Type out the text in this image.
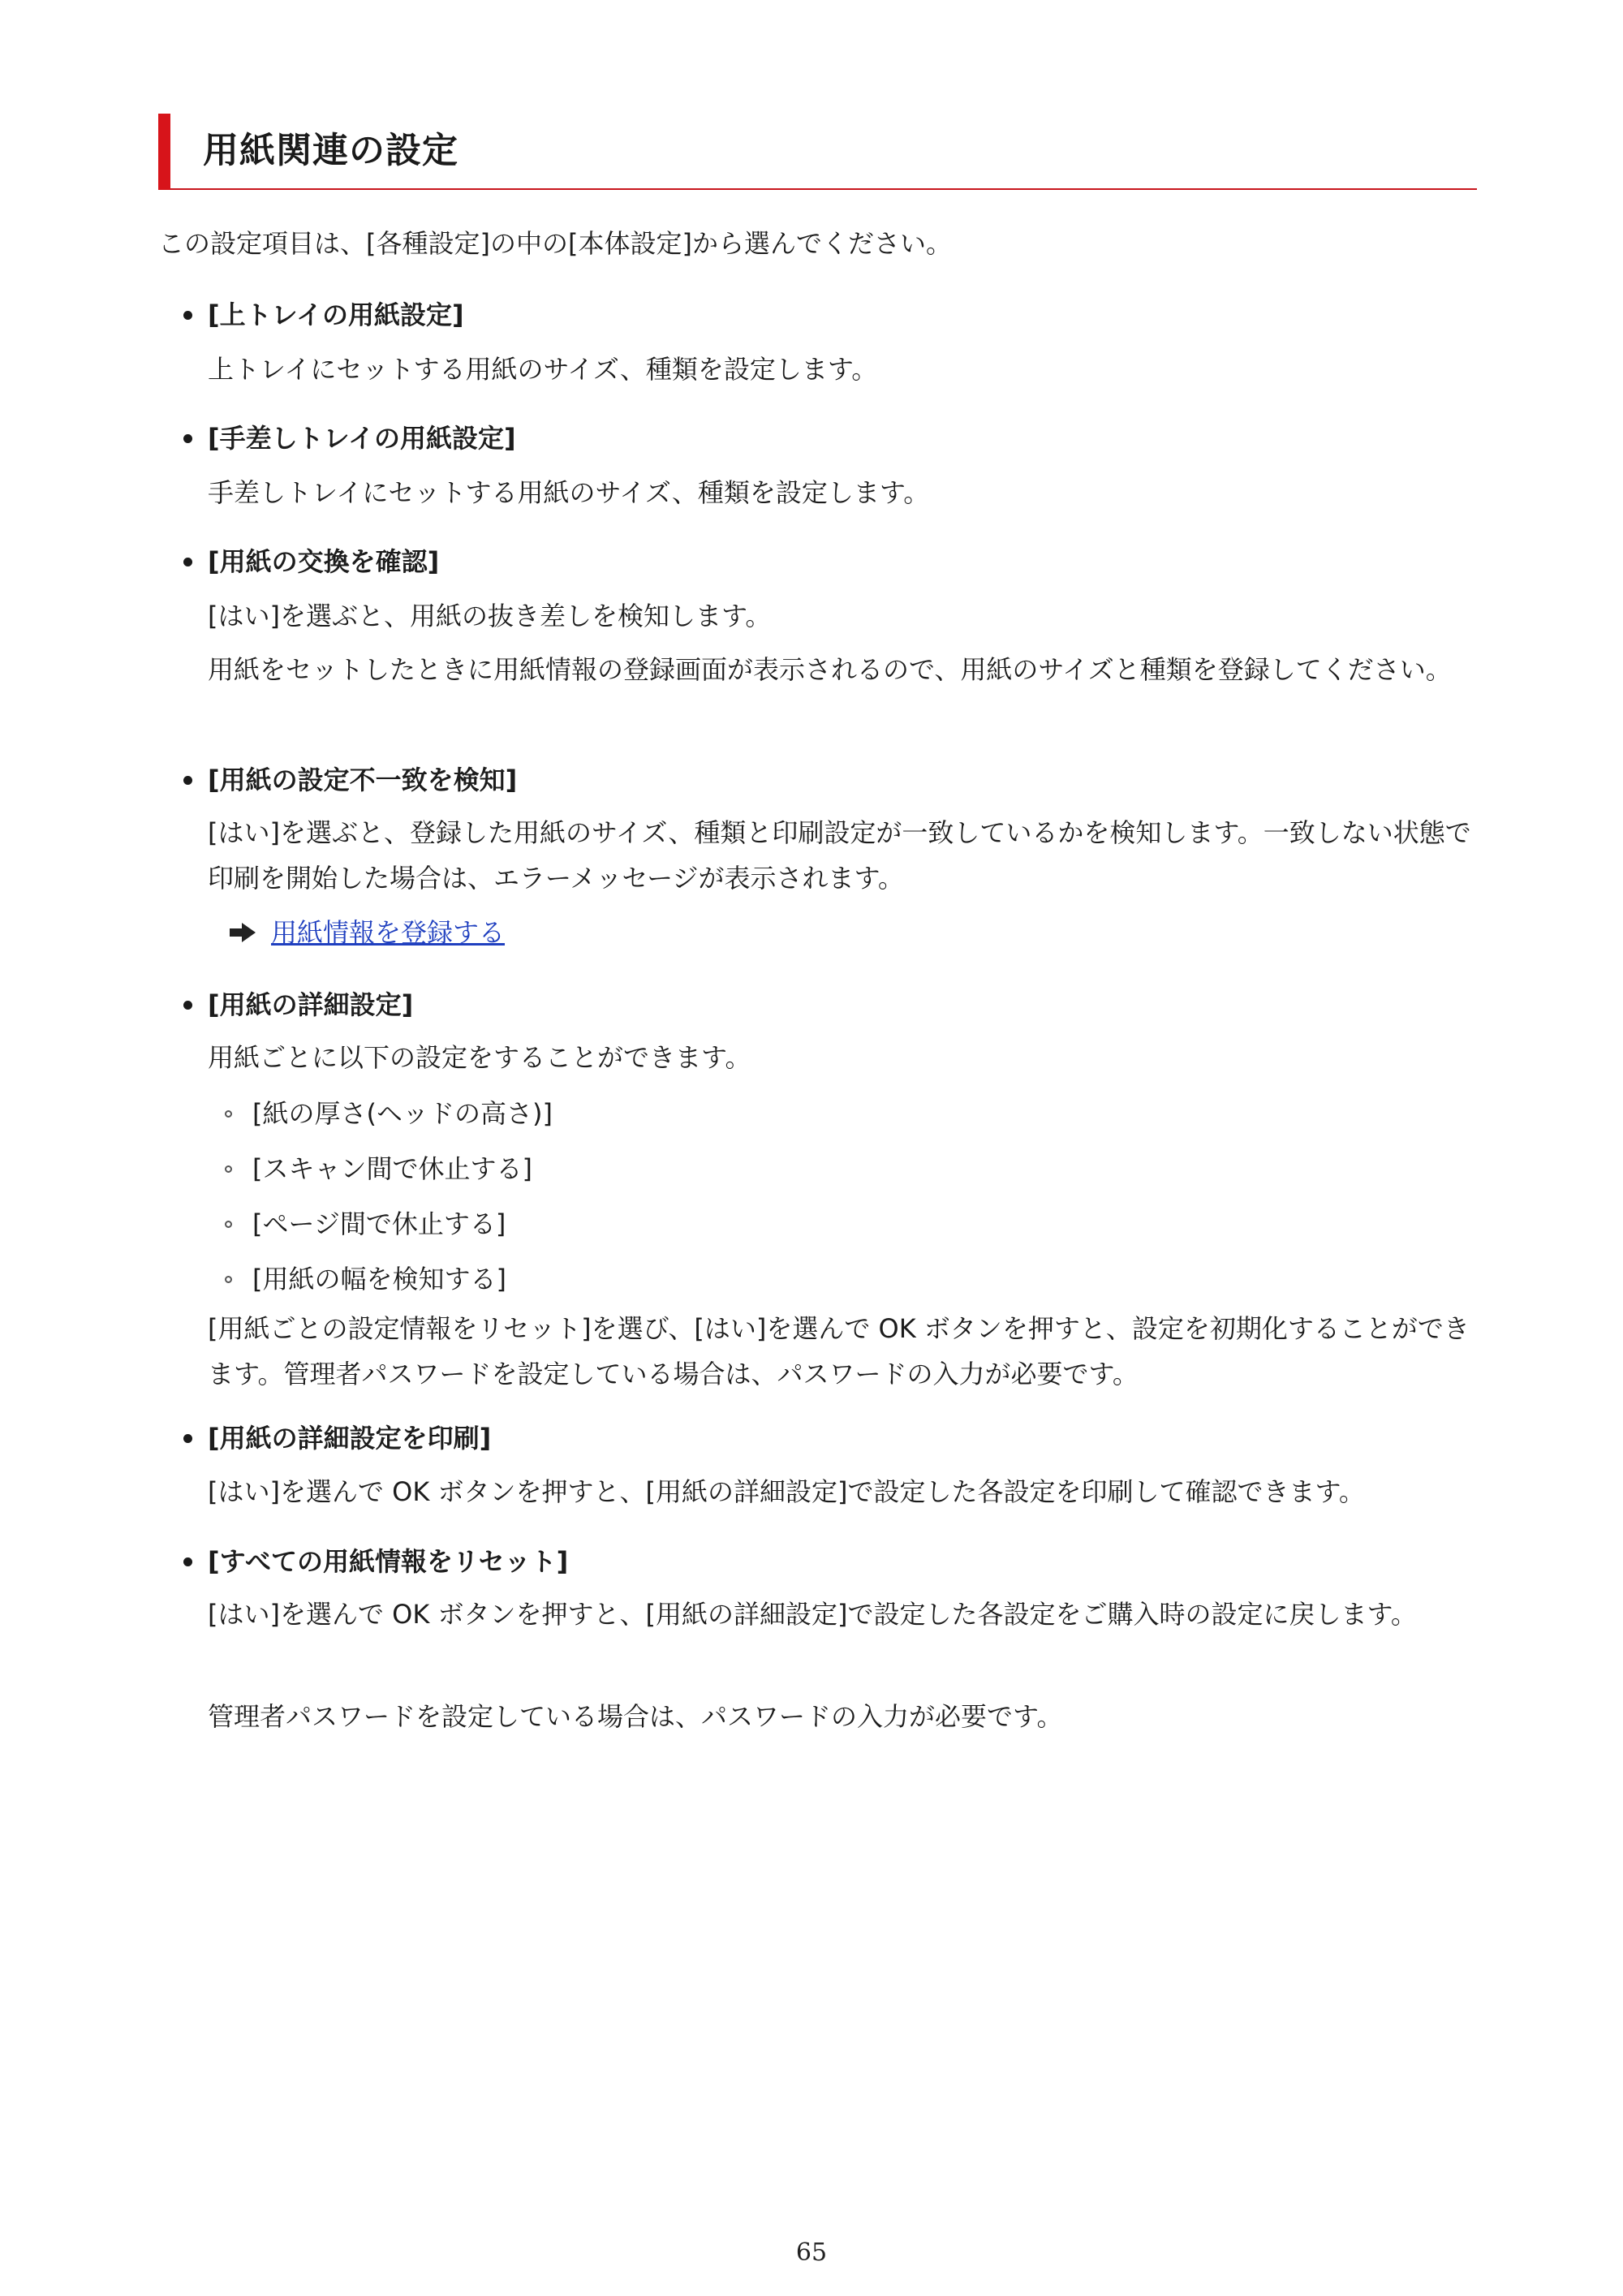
用紙関連の設定
この設定項目は、[各種設定]の中の[本体設定]から選んでください。
[上トレイの用紙設定]
上トレイにセットする用紙のサイズ、種類を設定します。
[手差しトレイの用紙設定]
手差しトレイにセットする用紙のサイズ、種類を設定します。
[用紙の交換を確認]
[はい]を選ぶと、用紙の抜き差しを検知します。
用紙をセットしたときに用紙情報の登録画面が表示されるので、用紙のサイズと種類を登録してください。
[用紙の設定不一致を検知]
[はい]を選ぶと、登録した用紙のサイズ、種類と印刷設定が一致しているかを検知します。一致しない状態で印刷を開始した場合は、エラーメッセージが表示されます。
用紙情報を登録する
[用紙の詳細設定]
用紙ごとに以下の設定をすることができます。
[紙の厚さ(ヘッドの高さ)]
[スキャン間で休止する]
[ページ間で休止する]
[用紙の幅を検知する]
[用紙ごとの設定情報をリセット]を選び、[はい]を選んで OK ボタンを押すと、設定を初期化することができます。管理者パスワードを設定している場合は、パスワードの入力が必要です。
[用紙の詳細設定を印刷]
[はい]を選んで OK ボタンを押すと、[用紙の詳細設定]で設定した各設定を印刷して確認できます。
[すべての用紙情報をリセット]
[はい]を選んで OK ボタンを押すと、[用紙の詳細設定]で設定した各設定をご購入時の設定に戻します。
管理者パスワードを設定している場合は、パスワードの入力が必要です。
65
